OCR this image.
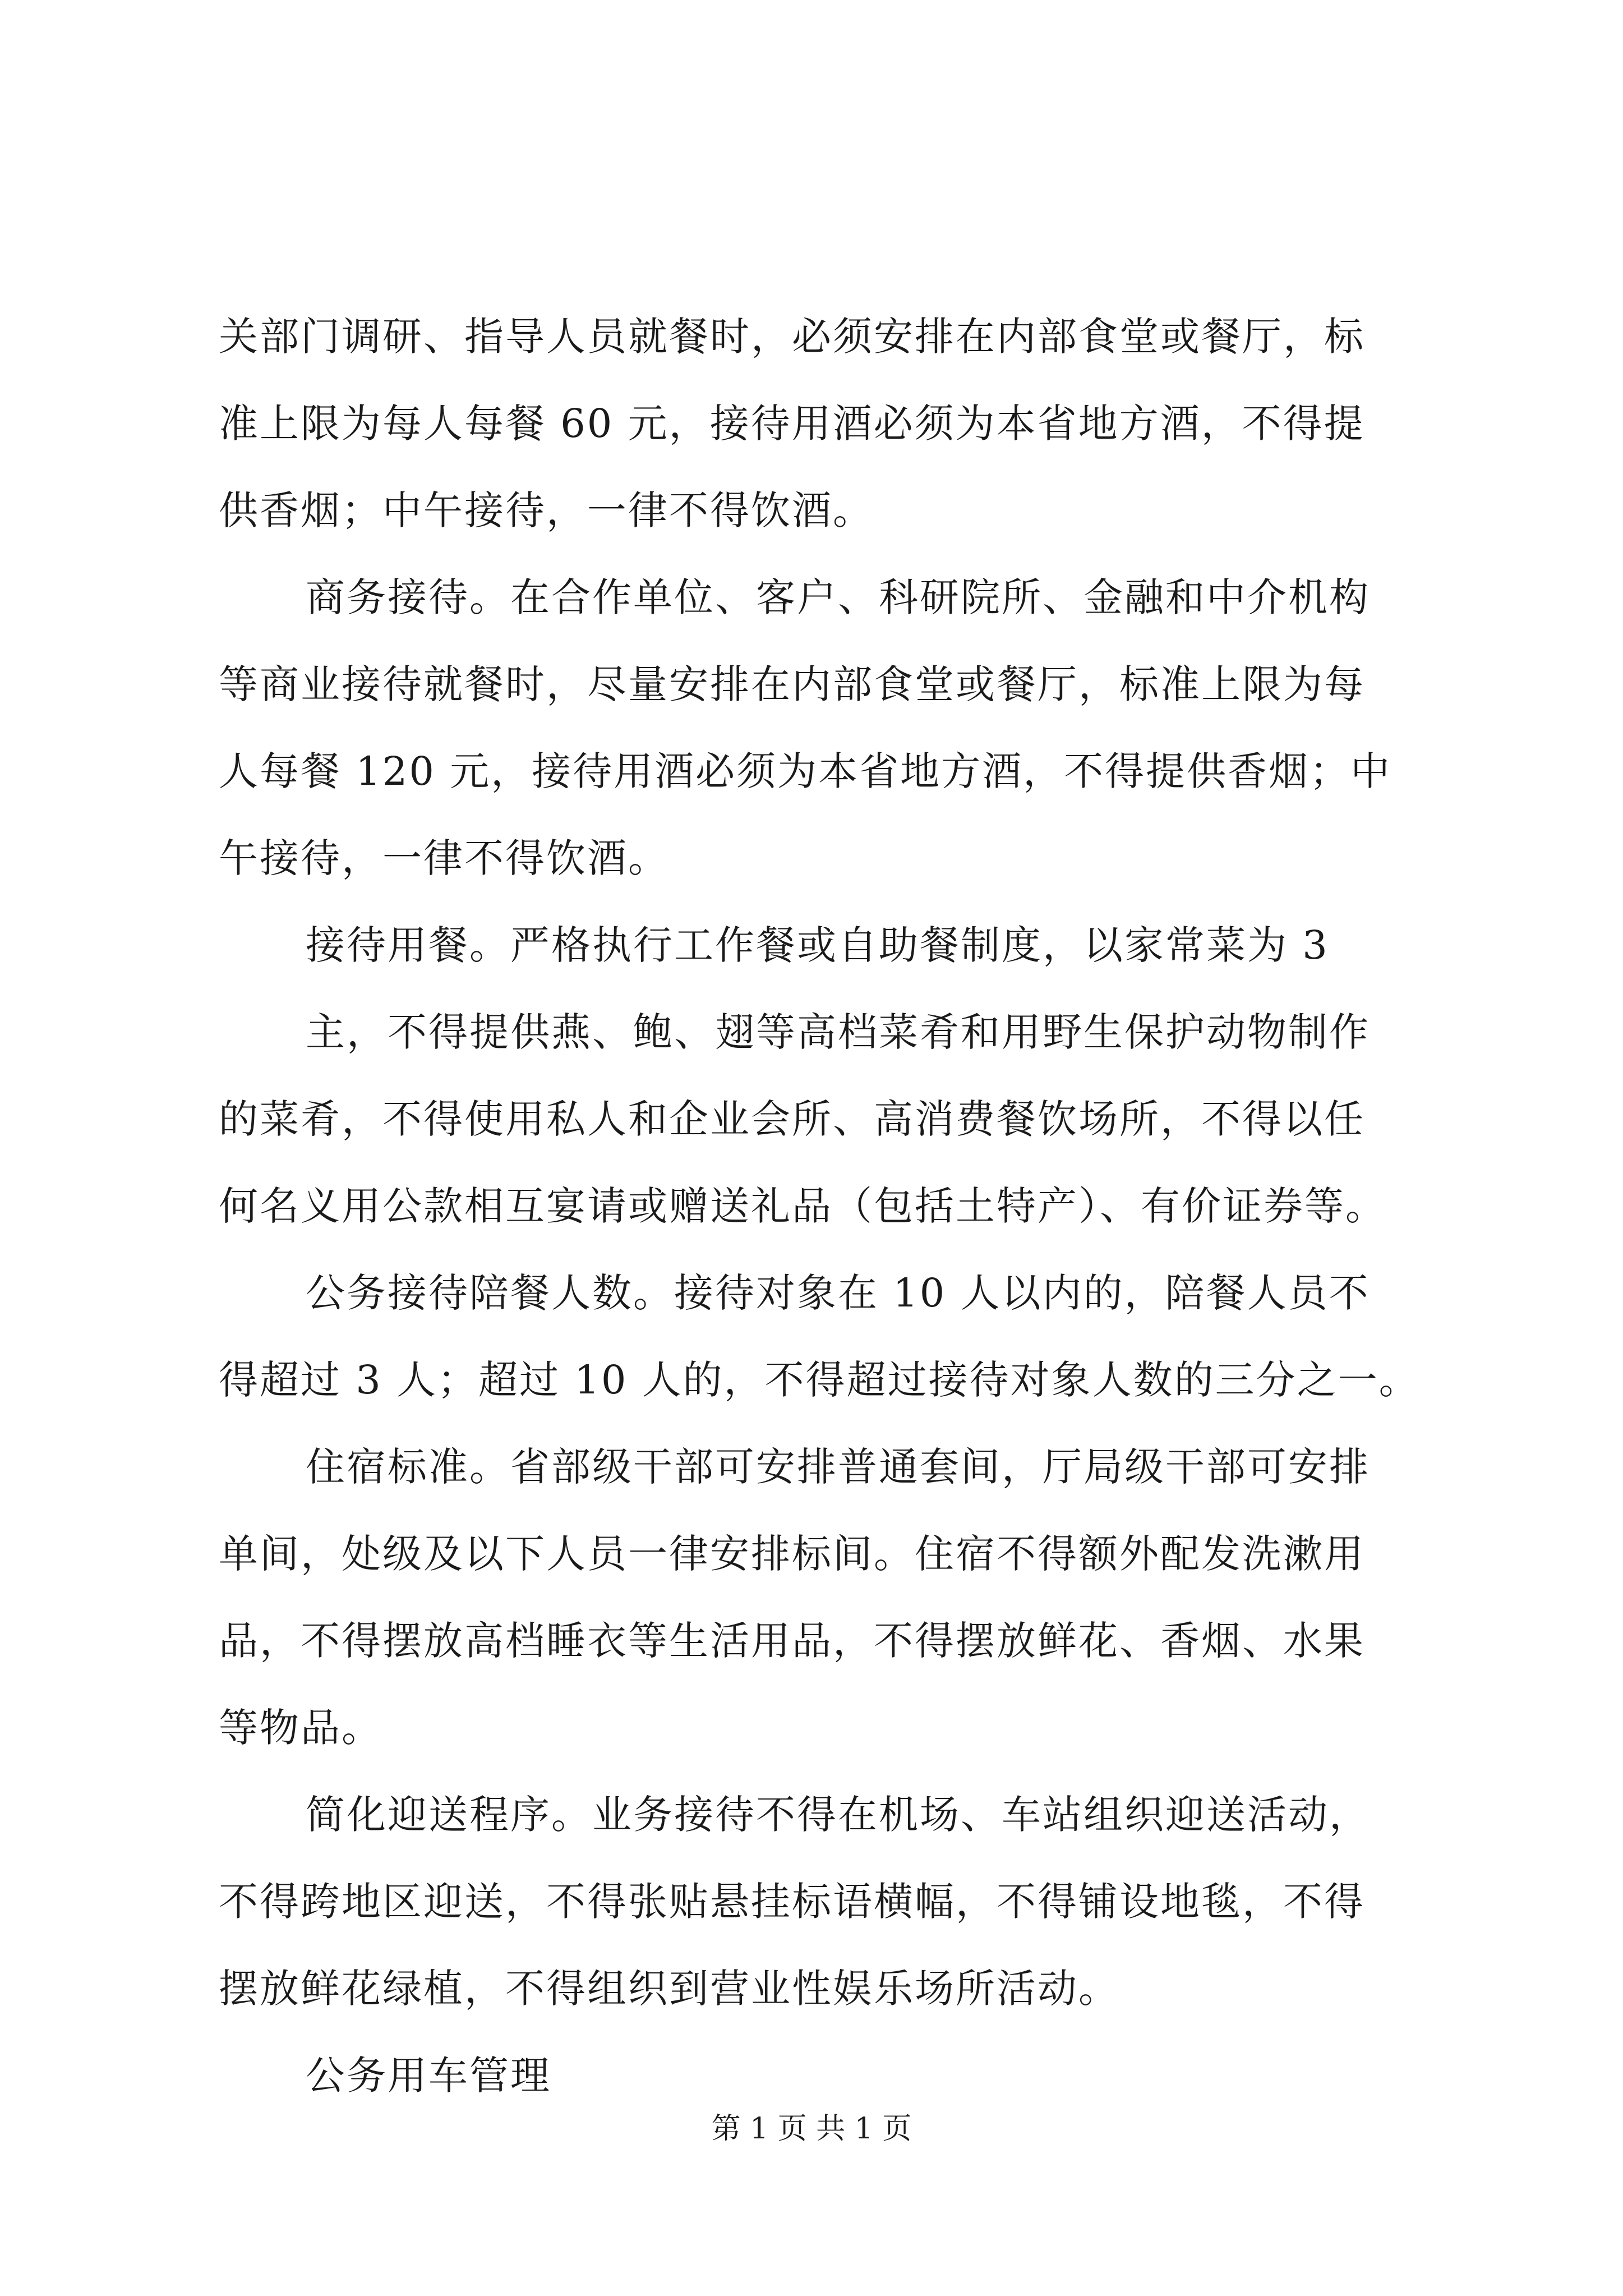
关部门调研、指导人员就餐时，必须安排在内部食堂或餐厅，标
准上限为每人每餐 60 元，接待用酒必须为本省地方酒，不得提
供香烟；中午接待，一律不得饮酒。
商务接待。在合作单位、客户、科研院所、金融和中介机构
等商业接待就餐时，尽量安排在内部食堂或餐厅，标准上限为每
人每餐 120 元，接待用酒必须为本省地方酒，不得提供香烟；中
午接待，一律不得饮酒。
接待用餐。严格执行工作餐或自助餐制度，以家常菜为 3
主，不得提供燕、鲍、翅等高档菜肴和用野生保护动物制作
的菜肴，不得使用私人和企业会所、高消费餐饮场所，不得以任
何名义用公款相互宴请或赠送礼品（包括土特产）、有价证券等。
公务接待陪餐人数。接待对象在 10 人以内的，陪餐人员不
得超过 3 人；超过 10 人的，不得超过接待对象人数的三分之一。
住宿标准。省部级干部可安排普通套间，厅局级干部可安排
单间，处级及以下人员一律安排标间。住宿不得额外配发洗漱用
品，不得摆放高档睡衣等生活用品，不得摆放鲜花、香烟、水果
等物品。
简化迎送程序。业务接待不得在机场、车站组织迎送活动，
不得跨地区迎送，不得张贴悬挂标语横幅，不得铺设地毯，不得
摆放鲜花绿植，不得组织到营业性娱乐场所活动。
公务用车管理
第 1 页 共 1 页
